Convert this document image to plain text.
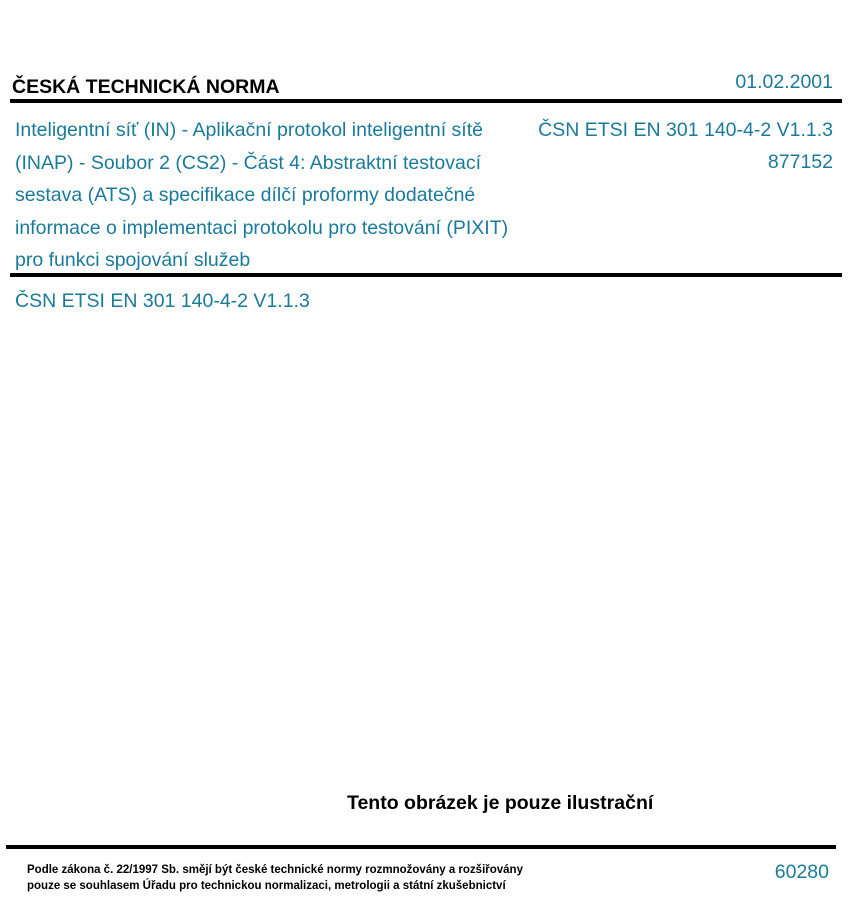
ČESKÁ TECHNICKÁ NORMA	01.02.2001
Inteligentní síť (IN) - Aplikační protokol inteligentní sítě (INAP) - Soubor 2 (CS2) - Část 4: Abstraktní testovací sestava (ATS) a specifikace dílčí proformy dodatečné informace o implementaci protokolu pro testování (PIXIT) pro funkci spojování služeb
ČSN ETSI EN 301 140-4-2 V1.1.3
877152
ČSN ETSI EN 301 140-4-2 V1.1.3
Tento obrázek je pouze ilustrační
Podle zákona č. 22/1997 Sb. smějí být české technické normy rozmnožovány a rozšiřovány
pouze se souhlasem Úřadu pro technickou normalizaci, metrologii a státní zkušebnictví
60280
